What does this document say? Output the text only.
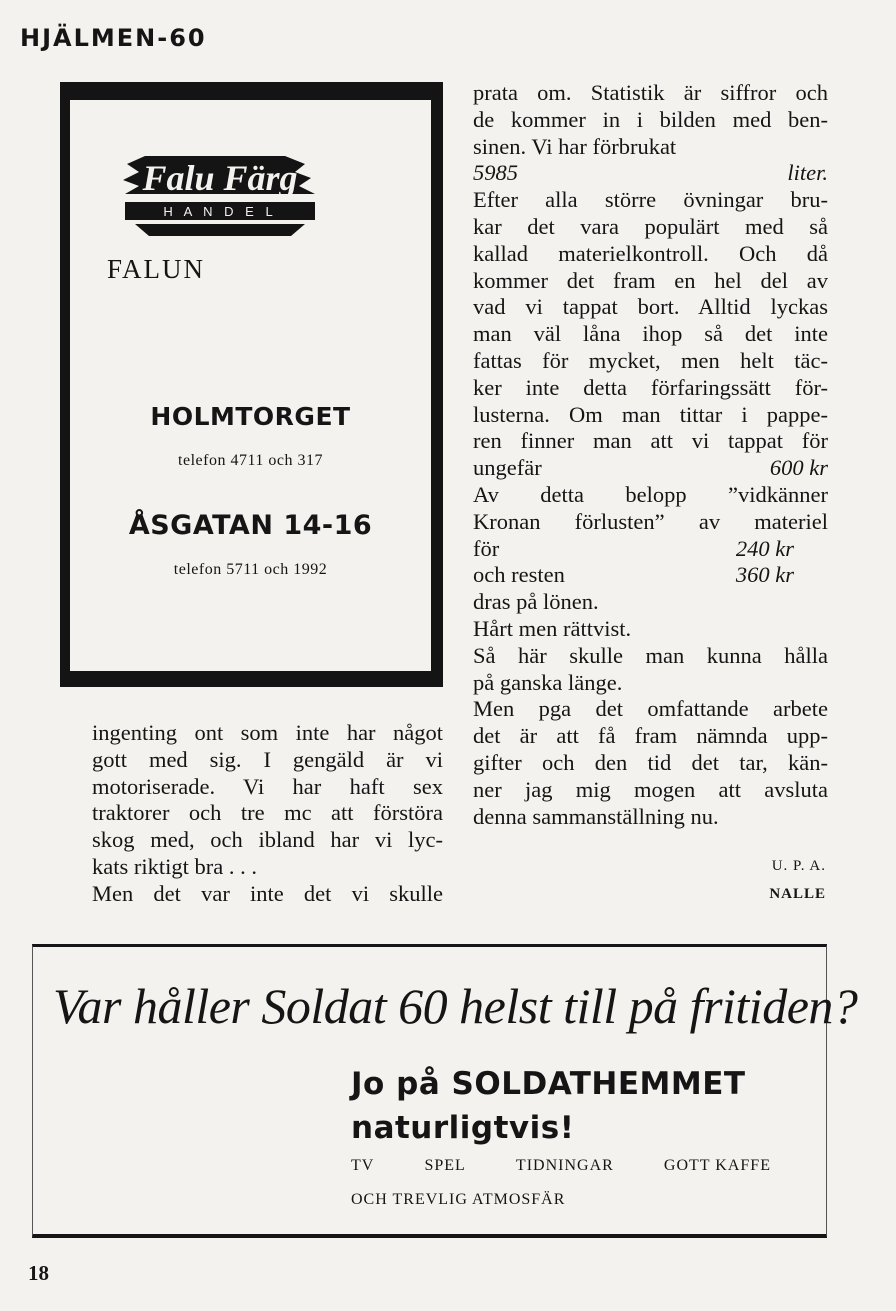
HJÄLMEN-60
Falu Färg
H A N D E L
FALUN
HOLMTORGET
telefon 4711 och 317
ÅSGATAN 14-16
telefon 5711 och 1992
ingenting ont som inte har något
gott med sig. I gengäld är vi
motoriserade. Vi har haft sex
traktorer och tre mc att förstöra
skog med, och ibland har vi lyc-
kats riktigt bra . . .
Men det var inte det vi skulle
prata om. Statistik är siffror och
de kommer in i bilden med ben-
sinen. Vi har förbrukat
5985 liter.
Efter alla större övningar bru-
kar det vara populärt med så
kallad materielkontroll. Och då
kommer det fram en hel del av
vad vi tappat bort. Alltid lyckas
man väl låna ihop så det inte
fattas för mycket, men helt täc-
ker inte detta förfaringssätt för-
lusterna. Om man tittar i pappe-
ren finner man att vi tappat för
ungefär	600 kr
Av detta belopp ”vidkänner
Kronan förlusten” av materiel
för	240 kr
och resten	360 kr
dras på lönen.
Hårt men rättvist.
Så här skulle man kunna hålla
på ganska länge.
Men pga det omfattande arbete
det är att få fram nämnda upp-
gifter och den tid det tar, kän-
ner jag mig mogen att avsluta
denna sammanställning nu.
U. P. A.
NALLE
Var håller Soldat 60 helst till på fritiden?
Jo på SOLDATHEMMET
naturligtvis!
TV	SPEL	TIDNINGAR	GOTT KAFFE
OCH TREVLIG ATMOSFÄR
18
